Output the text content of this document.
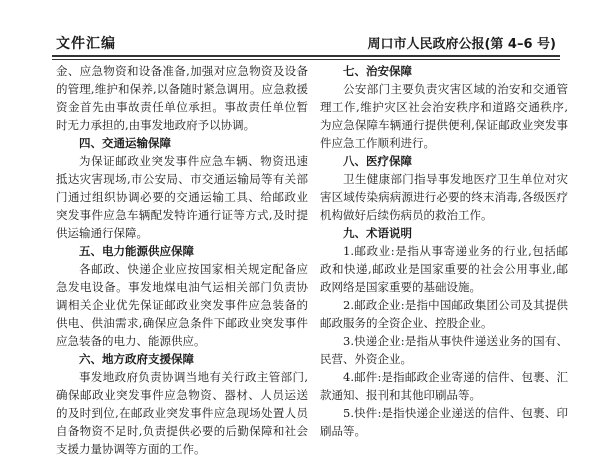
文件汇编	周口市人民政府公报(第 4–6 号)

金、应急物资和设备准备,加强对应急物资及设备的管理,维护和保养,以备随时紧急调用。应急救援资金首先由事故责任单位承担。事故责任单位暂时无力承担的,由事发地政府予以协调。

四、交通运输保障

为保证邮政业突发事件应急车辆、物资迅速抵达灾害现场,市公安局、市交通运输局等有关部门通过组织协调必要的交通运输工具、给邮政业突发事件应急车辆配发特许通行证等方式,及时提供运输通行保障。

五、电力能源供应保障

各邮政、快递企业应按国家相关规定配备应急发电设备。事发地煤电油气运相关部门负责协调相关企业优先保证邮政业突发事件应急装备的供电、供油需求,确保应急条件下邮政业突发事件应急装备的电力、能源供应。

六、地方政府支援保障

事发地政府负责协调当地有关行政主管部门,确保邮政业突发事件应急物资、器材、人员运送的及时到位,在邮政业突发事件应急现场处置人员自备物资不足时,负责提供必要的后勤保障和社会支援力量协调等方面的工作。

七、治安保障

公安部门主要负责灾害区域的治安和交通管理工作,维护灾区社会治安秩序和道路交通秩序,为应急保障车辆通行提供便利,保证邮政业突发事件应急工作顺利进行。

八、医疗保障

卫生健康部门指导事发地医疗卫生单位对灾害区域传染病病源进行必要的终末消毒,各级医疗机构做好后续伤病员的救治工作。

九、术语说明

1.邮政业:是指从事寄递业务的行业,包括邮政和快递,邮政业是国家重要的社会公用事业,邮政网络是国家重要的基础设施。

2.邮政企业:是指中国邮政集团公司及其提供邮政服务的全资企业、控股企业。

3.快递企业:是指从事快件递送业务的国有、民营、外资企业。

4.邮件:是指邮政企业寄递的信件、包裹、汇款通知、报刊和其他印刷品等。

5.快件:是指快递企业递送的信件、包裹、印刷品等。
